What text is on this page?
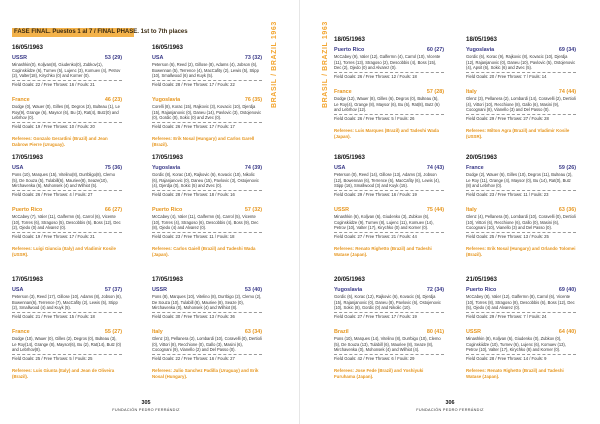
FASE FINAL. Puestos 1 al 7 / FINAL PHASE. 1st to 7th places
16/05/1963
USSR	53 (29)
Minashkin(0), Koljvan(8), Giudenko(0), Zubkov(1), Coginskiidze (6), Turnev (5), Lujenc (3), Komuev (4), Petrov (2), Valter(18), Kirychko (0) and Korner (0).
Field Goals: 22 / Free Throws: 16 / Fouls: 21
France	46 (23)
Dodge (0), Wauer (0), Gilles (8), Degros (3), Bulteau (1), Le Roy(9), Grange (6), Maysor (6), Bu (3), Rat(4), Butz(0) and Lebrhov (0).
Field Goals: 19 / Free Throws: 10 / Fouls: 20
Referees: Gonzalo Gerardini (Brazil) and Jean Dabrow Pierre (Uruguay).
17/05/1963
USA	75 (36)
Pons (10), Marques (15), Vitelino(8), Durrbligo(8), Clemo (5), De Souza (5), Tulabill(6), Mauriee(8), Seaze(10), Mirchavenka (6), Mohonsek (4) and Wilhiot (5).
Field Goals: 26 / Free Throws: 4 / Fouls: 27
Puerto Rico	66 (27)
McCabey (7), Valer (11), Galfermn (6), Carrol (6), Vicente (10), Torres (6), Stragoso (5), Descobbis (6), Boss (12), Dec (2), Ojedo (0) and Alvarez (0).
Field Goals: 19 / Free Throws: 17 / Fouls: 21
Referees: Luigi Giuncia (Italy) and Vladimir Kosile (USSR).
17/05/1963
USA	57 (37)
Peterson (3), Reed (17), Gillose (10), Adams (8), Jobson (6), Bowennan(6), Terrence (7), MacCafity (2), Lewis (5), Stipp (2), Smallwood (4) and Kuyk (5).
Field Goals: 21 / Free Throws: 15 / Fouls: 18
France	55 (27)
Dodge (10), Wauer (0), Gilles (2), Degros (0), Bulteau (3), Le Roy(14), Grange (8), Maysor(6), Bu (2), Rat(14), Butz (0) and Lebrhov(8).
Field Goals: 25 / Free Throws: 5 / Fouls: 25
Referees: Luis Giunta (Italy) and Jean de Oliveira (Brazil).
16/05/1963
USA	73 (32)
Peterson (6), Reed (2), Gillose (8), Adams (4), Jobson (6), Bowennan (5), Terrence (4), MacCafity (2), Lewis (5), Stipp (10), Smallwood (6) and Kuyk (5).
Field Goals: 28 / Free Throws: 17 / Fouls: 22
Yugoslavia	76 (35)
Corelli (8), Korac (15), Rajkovic (3), Kovacic (10), Djerdja (15), Rajanjanovic (0), Daneu (14), Pavlovic (3), Ostojenovic (0), Gordic (0), Sokic (0) and Zvec (0).
Field Goals: 26 / Free Throws: 17 / Fouls: 17
Referees: Erik Nosal (Hungary) and Carlos Garell (Brazil).
17/05/1963
Yugoslavia	74 (39)
Gordic (8), Korac (18), Rajkovic (6), Kovacic (10), Nikolic (6), Rajanjanovic (0), Daneu (15), Pavlovic (3), Ostojenovic (4), Djerdja (0), Sokic (5) and Zvec (0).
Field Goals: 28 / Free Throws: 18 / Fouls: 16
Puerto Rico	57 (32)
McCabey (4), Valer (11), Galfermn (6), Carrol (5), Vicente (10), Torres (4), Stragoso (6), Descobbis (4), Boss (9), Dec (8), Ojedo (4) and Alvarez (0).
Field Goals: 23 / Free Throws: 11 / Fouls: 18
Referees: Carlos Gaiell (Brazil) and Tadeshi Wada (Japan).
17/05/1963
USSR	53 (40)
Pons (8), Marques (10), Vitelino (8), Durrbigo (2), Clemo (2), De Souza (10), Tulabill (8), Mauriee (8), Seaze (0), Mirchavenka (0), Mohonsek (4) and Wilhiot (8).
Field Goals: 30 / Free Throws: 13 / Fouls: 36
Italy	63 (34)
Glenz (3), Pellanera (2), Lombardi (10), Coravelli (0), Dertioli (0), Vittori (8), Recchione (0), Gallo (3), Masini (6), Cocognani (9), Vianello (2) and Del Passo (0).
Field Goals: 22 / Free Throws: 16 / Fouls: 27
Referees: Julio Sanchez Padilla (Uruguay) and Erik Nosal (Hungary).
BRASIL / BRAZIL 1963
305
FUNDACIÓN PEDRO FERRÁNDIZ
BRASIL / BRAZIL 1963 18/05/1963
Puerto Rico	60 (27)
McCabey (9), Valer (12), Galfermn (4), Carrol (10), Vicente (11), Torres (13), Stragoso (2), Descobbis (4), Boss (15), Dec (2), Ojedo (0) and Alvarez (0).
Field Goals: 26 / Free Throws: 12 / Fouls: 18
France	57 (28)
Dodge (12), Wauer (8), Gilles (6), Degros (0), Bulteau (5), Le Roy(4), Grange (8), Maysor (6), Bu (6), Rat(8), Butz (6) and Lebrhov (12).
Field Goals: 26 / Free Throws: 5 / Fouls: 26
Referees: Luis Marques (Brazil) and Tadeshi Wada (Japan).
18/05/1963
USA	74 (43)
Peterson (0), Reed (14), Gillose (13), Adams (3), Jobson (12), Bowennan (6), Terrence (6), MacCafity (6), Lewis (4), Stipp (16), Smallwood (3) and Kuyk (15).
Field Goals: 29 / Free Throws: 16 / Fouls: 19
USSR	75 (44)
Minashkin (6), Koljvan (6), Giudenko (3), Zubkov (6), Coginskiidze (9), Turnev (8), Lujenc (11), Komuev (14), Petrov (10), Valter (17), Kirychko (0) and Korner (0).
Field Goals: 27 / Free Throws: 21 / Fouls: 44
Referees: Renato Righetto (Brazil) and Tadeshi Watase (Japan).
20/05/1963
Yugoslavia	72 (34)
Gordic (6), Korac (12), Rajkovic (6), Kovacic (6), Djerdja (15), Rajanjanovic (0), Daneu (8), Pavlovic (6), Ostojenovic (10), Sokic (8), Gordic (0) and Nikolic (10).
Field Goals: 27 / Free Throws: 17 / Fouls: 19
Brazil	80 (41)
Pons (10), Marques (14), Vitelino (8), Durrbigo (10), Clemo (5), De Souza (13), Tulabill (6), Mauriee (8), Seaze (8), Mirchavenka (0), Mohonsek (4) and Wilhiot (4).
Field Goals: 42 / Free Throws: 6 / Fouls: 29
Referees: Jose Fede (Brazil) and Yoshiyuki Furuhama (Japan).
18/05/1963
Yugoslavia	69 (34)
Gordic (6), Korac (9), Rajkovic (8), Kovacic (10), Djerdja (12), Rajanjanovic (0), Daneu (10), Pavlovic (5), Ostojenovic (4), Apsit (6), Sokic (6) and Zvec (5).
Field Goals: 20 / Free Throws: 7 / Fouls: 14
Italy	74 (44)
Glenz (3), Pellanera (2), Lombardi (14), Coravelli (2), Dertioli (4), Vittori (10), Recchione (8), Gallo (6), Masini (9), Cocognani (8), Vianello (3) and Del Passo (0).
Field Goals: 29 / Free Throws: 27 / Fouls: 28
Referees: Milton Agra (Brazil) and Vladimir Kosile (USSR).
20/05/1963
France	59 (26)
Dodge (2), Wauer (6), Gilles (10), Degros (11), Bulteau (2), Le Roy (11), Grange (4), Maysor (0), Bu (14), Rat(0), Butz (8) and Lebrhov (0).
Field Goals: 23 / Free Throws: 11 / Fouls: 23
Italy	63 (36)
Glenz (4), Pellanera (0), Lombardi (10), Coravelli (0), Dertioli (10), Vittori (6), Recchione (6), Gallo (0), Masini (6), Cocognani (10), Vianello (3) and Del Passo (0).
Field Goals: 25 / Free Throws: 13 / Fouls: 25
Referees: Erik Nosal (Hungary) and Orlando Tolomei (Brazil).
21/05/1963
Puerto Rico	69 (40)
McCabey (8), Valer (12), Galfermn (8), Carrol (6), Vicente (10), Torres (8), Stragoso (8), Descobbis (6), Boss (12), Dec (5), Ojedo (4) and Alvarez (0).
Field Goals: 29 / Free Throws: 7 / Fouls: 24
USSR	64 (40)
Minashkin (8), Koljvan (6), Giudenko (0), Zubkov (0), Coginskiidze (10), Turnev (6), Lujenc (6), Komuev (13), Petrov (10), Valter (17), Kirychko (8) and Korner (0).
Field Goals: 28 / Free Throws: 14 / Fouls: 9
Referees: Renato Righetto (Brazil) and Tadeshi Watase (Japan).
306
FUNDACIÓN PEDRO FERRÁNDIZ
